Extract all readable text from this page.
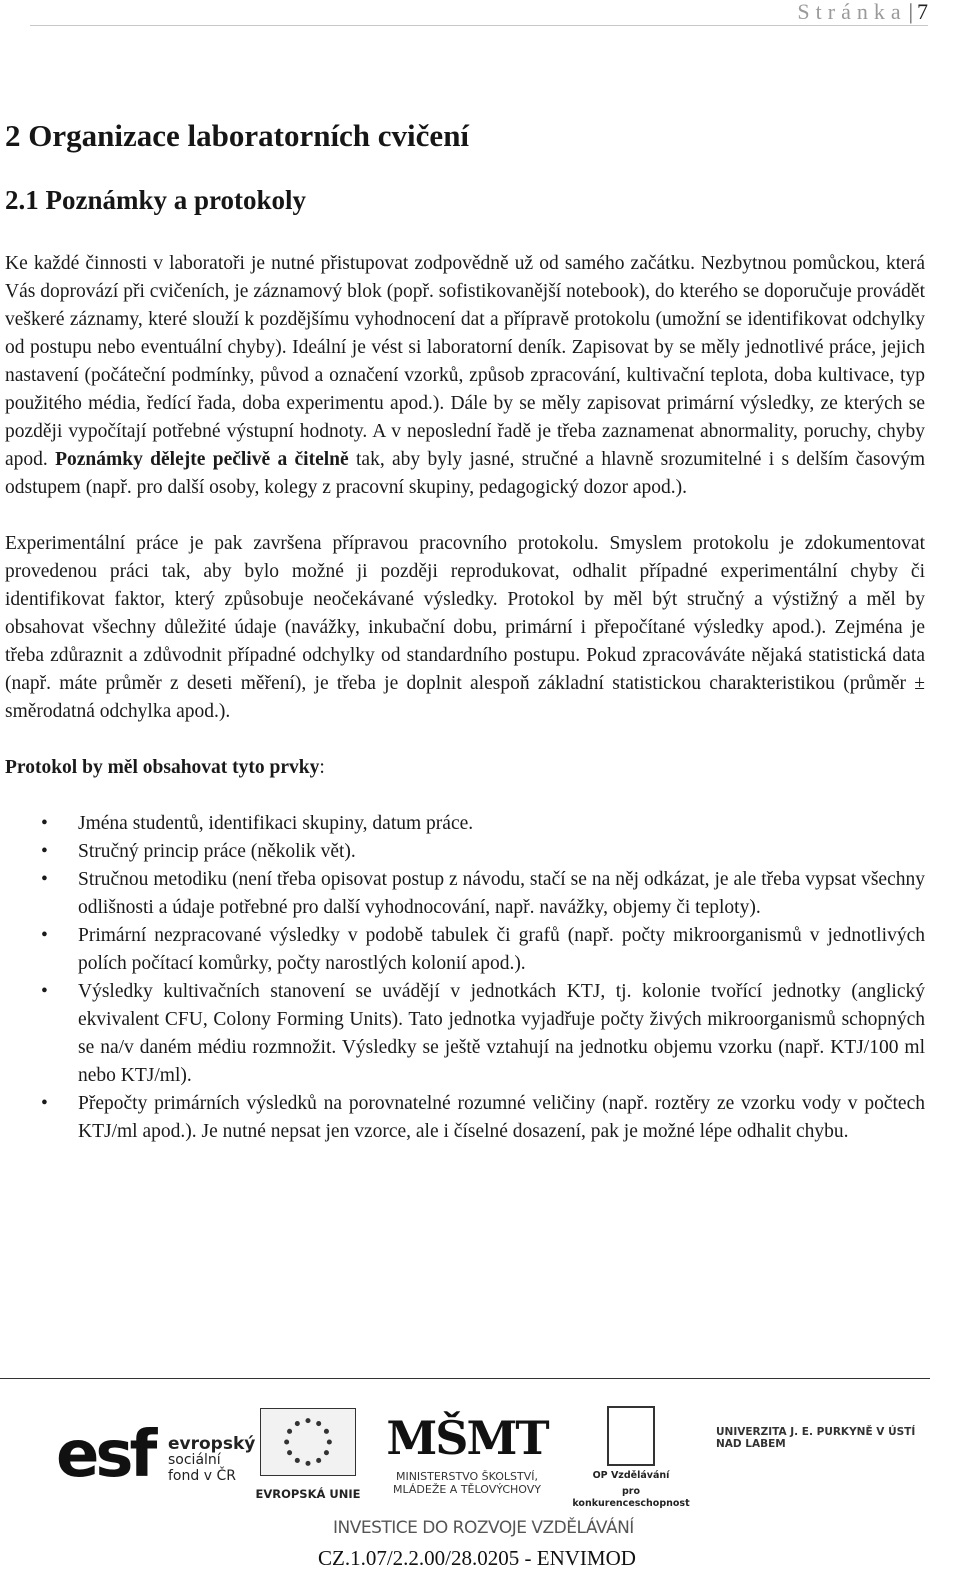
Stránka| 7
2 Organizace laboratorních cvičení
2.1 Poznámky a protokoly

Ke každé činnosti v laboratoři je nutné přistupovat zodpovědně už od samého začátku. Nezbytnou pomůckou, která Vás doprovází při cvičeních, je záznamový blok (popř. sofistikovanější notebook), do kterého se doporučuje provádět veškeré záznamy, které slouží k pozdějšímu vyhodnocení dat a přípravě protokolu (umožní se identifikovat odchylky od postupu nebo eventuální chyby). Ideální je vést si laboratorní deník. Zapisovat by se měly jednotlivé práce, jejich nastavení (počáteční podmínky, původ a označení vzorků, způsob zpracování, kultivační teplota, doba kultivace, typ použitého média, ředící řada, doba experimentu apod.). Dále by se měly zapisovat primární výsledky, ze kterých se později vypočítají potřebné výstupní hodnoty. A v neposlední řadě je třeba zaznamenat abnormality, poruchy, chyby apod. Poznámky dělejte pečlivě a čitelně tak, aby byly jasné, stručné a hlavně srozumitelné i s delším časovým odstupem (např. pro další osoby, kolegy z pracovní skupiny, pedagogický dozor apod.).

Experimentální práce je pak završena přípravou pracovního protokolu. Smyslem protokolu je zdokumentovat provedenou práci tak, aby bylo možné ji později reprodukovat, odhalit případné experimentální chyby či identifikovat faktor, který způsobuje neočekávané výsledky. Protokol by měl být stručný a výstižný a měl by obsahovat všechny důležité údaje (navážky, inkubační dobu, primární i přepočítané výsledky apod.). Zejména je třeba zdůraznit a zdůvodnit případné odchylky od standardního postupu. Pokud zpracováváte nějaká statistická data (např. máte průměr z deseti měření), je třeba je doplnit alespoň základní statistickou charakteristikou (průměr ± směrodatná odchylka apod.).

Protokol by měl obsahovat tyto prvky:

• Jména studentů, identifikaci skupiny, datum práce.
• Stručný princip práce (několik vět).
• Stručnou metodiku (není třeba opisovat postup z návodu, stačí se na něj odkázat, je ale třeba vypsat všechny odlišnosti a údaje potřebné pro další vyhodnocování, např. navážky, objemy či teploty).
• Primární nezpracované výsledky v podobě tabulek či grafů (např. počty mikroorganismů v jednotlivých polích počítací komůrky, počty narostlých kolonií apod.).
• Výsledky kultivačních stanovení se uvádějí v jednotkách KTJ, tj. kolonie tvořící jednotky (anglický ekvivalent CFU, Colony Forming Units). Tato jednotka vyjadřuje počty živých mikroorganismů schopných se na/v daném médiu rozmnožit. Výsledky se ještě vztahují na jednotku objemu vzorku (např. KTJ/100 ml nebo KTJ/ml).
• Přepočty primárních výsledků na porovnatelné rozumné veličiny (např. roztěry ze vzorku vody v počtech KTJ/ml apod.). Je nutné nepsat jen vzorce, ale i číselné dosazení, pak je možné lépe odhalit chybu.
esf evropský
sociální
fond v ČR
EVROPSKÁ UNIE
MŠMT
MINISTERSTVO ŠKOLSTVÍ,
MLÁDEŽE A TĚLOVÝCHOVY
OP Vzdělávání
pro konkurenceschopnost
UNIVERZITA J. E. PURKYNĚ V ÚSTÍ NAD LABEM
INVESTICE DO ROZVOJE VZDĚLÁVÁNÍ
CZ.1.07/2.2.00/28.0205 - ENVIMOD
